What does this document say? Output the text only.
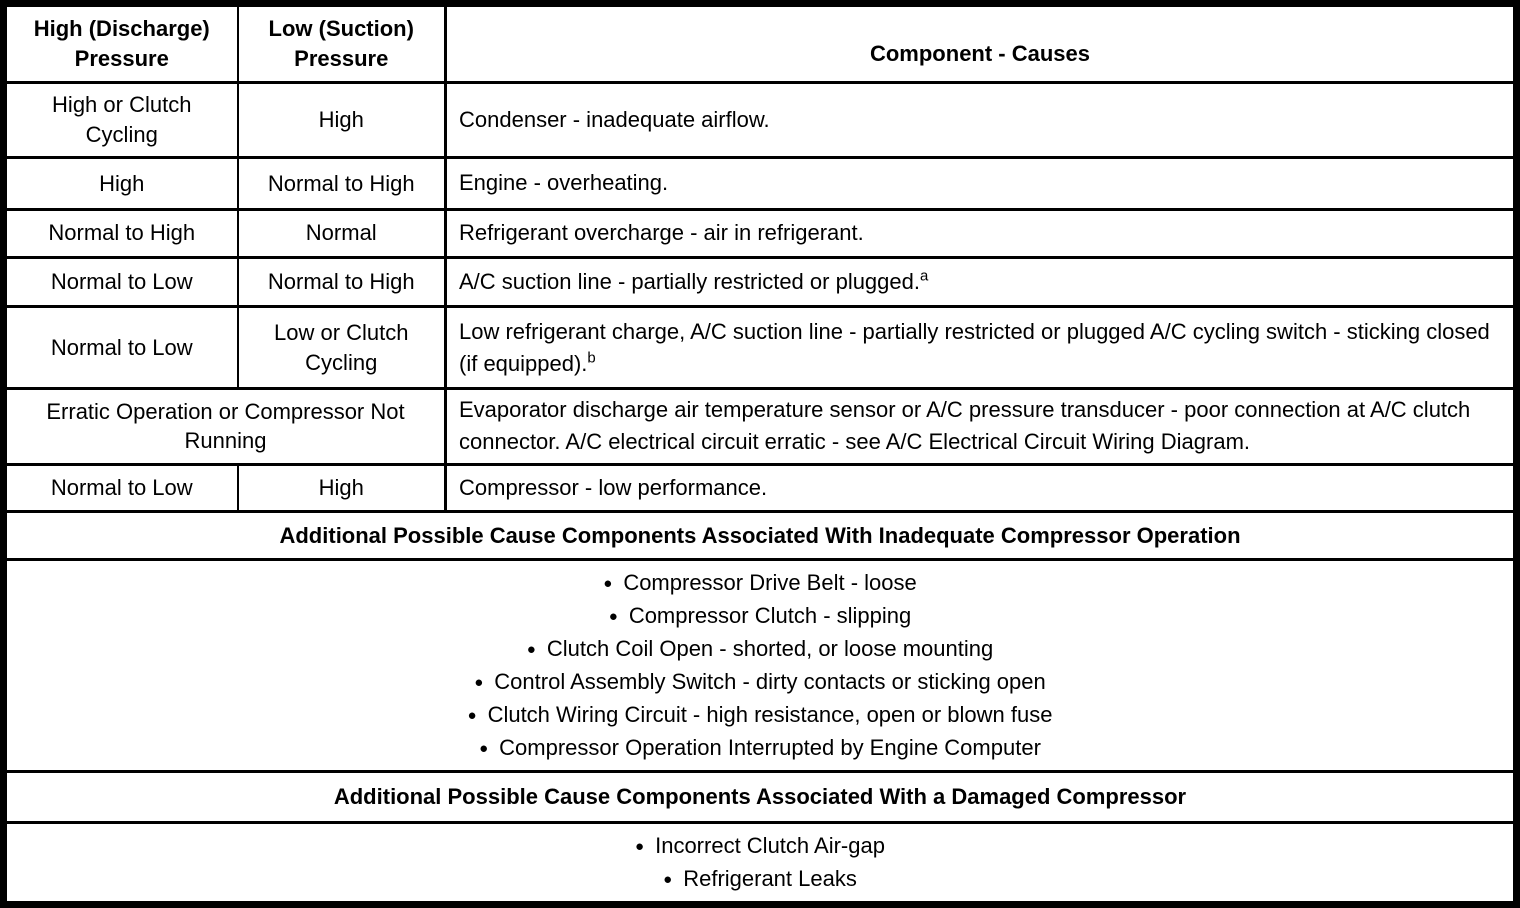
High (Discharge) Pressure	Low (Suction) Pressure	Component - Causes
High or Clutch Cycling	High	Condenser - inadequate airflow.
High	Normal to High	Engine - overheating.
Normal to High	Normal	Refrigerant overcharge - air in refrigerant.
Normal to Low	Normal to High	A/C suction line - partially restricted or plugged.$^a$
Normal to Low	Low or Clutch Cycling	Low refrigerant charge, A/C suction line - partially restricted or plugged A/C cycling switch - sticking closed (if equipped).$^b$
Erratic Operation or Compressor Not Running		Evaporator discharge air temperature sensor or A/C pressure transducer - poor connection at A/C clutch connector. A/C electrical circuit erratic - see A/C Electrical Circuit Wiring Diagram.
Normal to Low	High	Compressor - low performance.
Additional Possible Cause Components Associated With Inadequate Compressor Operation		

● Compressor Drive Belt - loose
● Compressor Clutch - slipping
● Clutch Coil Open - shorted, or loose mounting
● Control Assembly Switch - dirty contacts or sticking open
● Clutch Wiring Circuit - high resistance, open or blown fuse
● Compressor Operation Interrupted by Engine Computer

Additional Possible Cause Components Associated With a Damaged Compressor		

● Incorrect Clutch Air-gap
● Refrigerant Leaks		
